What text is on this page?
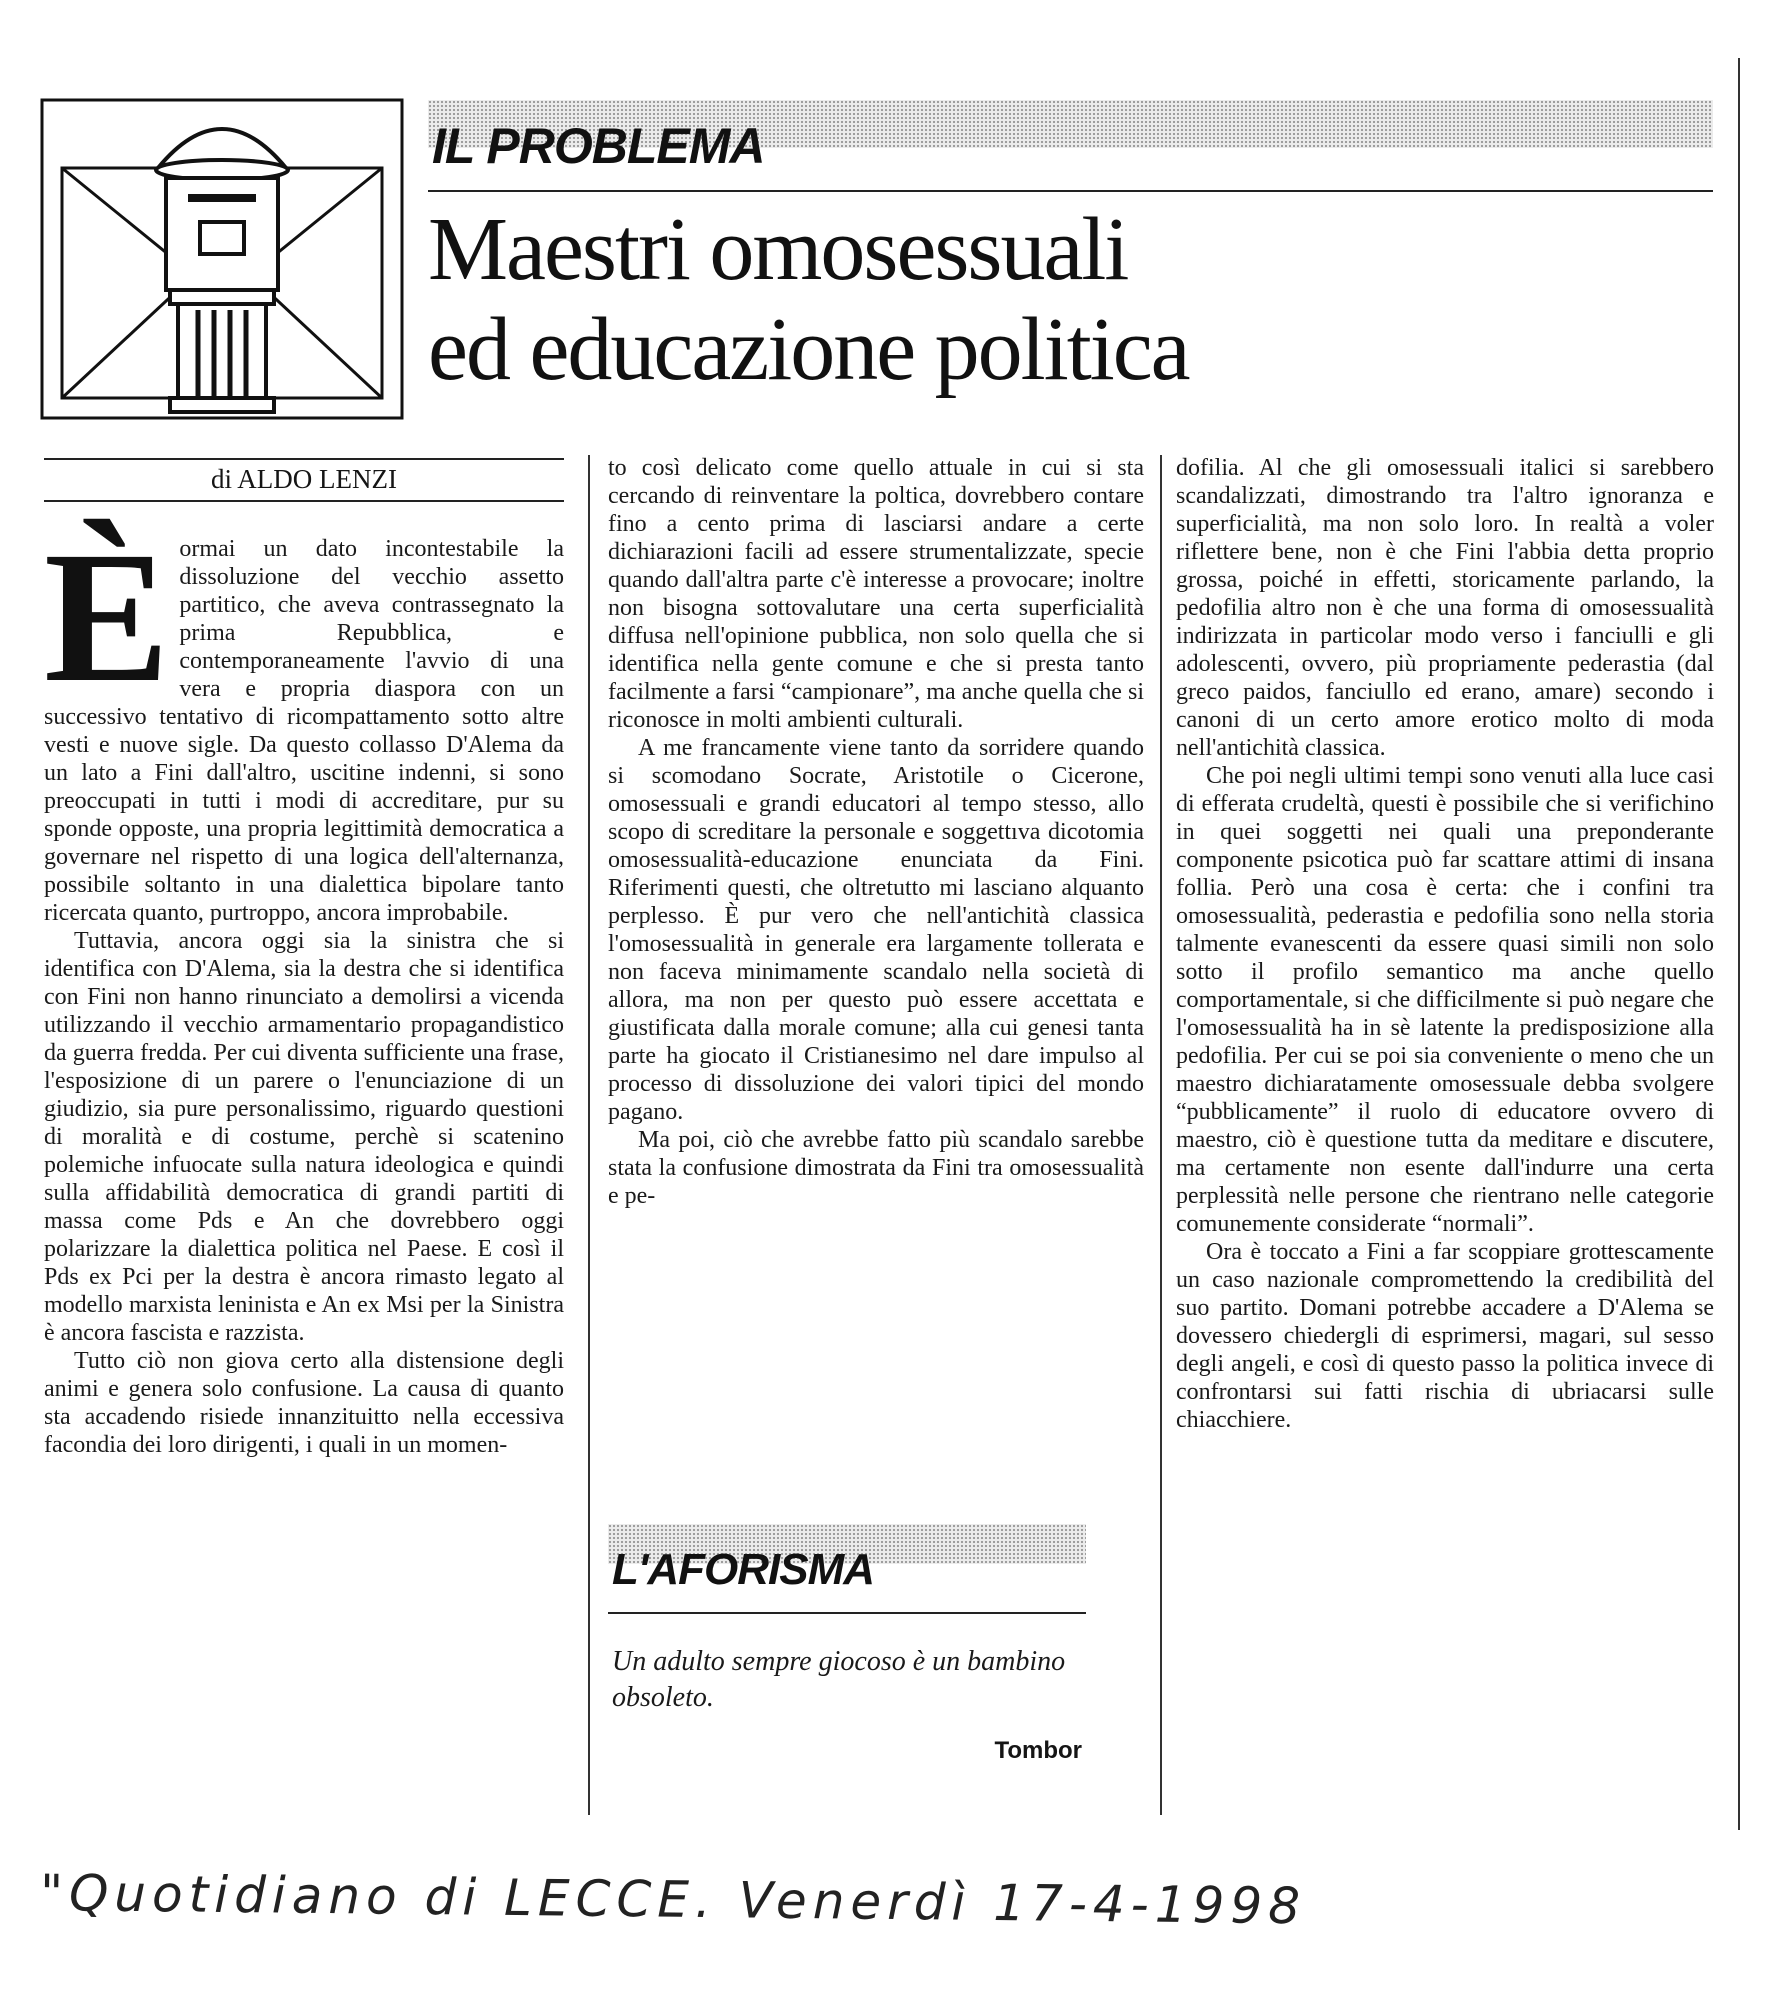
IL PROBLEMA
Maestri omosessuali
ed educazione politica
di ALDO LENZI
È ormai un dato incontestabile la dissoluzione del vecchio assetto partitico, che aveva contrassegnato la prima Repubblica, e contemporaneamente l'avvio di una vera e propria diaspora con un successivo tentativo di ricompattamento sotto altre vesti e nuove sigle. Da questo collasso D'Alema da un lato a Fini dall'altro, uscitine indenni, si sono preoccupati in tutti i modi di accreditare, pur su sponde opposte, una propria legittimità democratica a governare nel rispetto di una logica dell'alternanza, possibile soltanto in una dialettica bipolare tanto ricercata quanto, purtroppo, ancora improbabile.

Tuttavia, ancora oggi sia la sinistra che si identifica con D'Alema, sia la destra che si identifica con Fini non hanno rinunciato a demolirsi a vicenda utilizzando il vecchio armamentario propagandistico da guerra fredda. Per cui diventa sufficiente una frase, l'esposizione di un parere o l'enunciazione di un giudizio, sia pure personalissimo, riguardo questioni di moralità e di costume, perchè si scatenino polemiche infuocate sulla natura ideologica e quindi sulla affidabilità democratica di grandi partiti di massa come Pds e An che dovrebbero oggi polarizzare la dialettica politica nel Paese. E così il Pds ex Pci per la destra è ancora rimasto legato al modello marxista leninista e An ex Msi per la Sinistra è ancora fascista e razzista.

Tutto ciò non giova certo alla distensione degli animi e genera solo confusione. La causa di quanto sta accadendo risiede innanzituitto nella eccessiva facondia dei loro dirigenti, i quali in un momen-

to così delicato come quello attuale in cui si sta cercando di reinventare la poltica, dovrebbero contare fino a cento prima di lasciarsi andare a certe dichiarazioni facili ad essere strumentalizzate, specie quando dall'altra parte c'è interesse a provocare; inoltre non bisogna sottovalutare una certa superficialità diffusa nell'opinione pubblica, non solo quella che si identifica nella gente comune e che si presta tanto facilmente a farsi “campionare”, ma anche quella che si riconosce in molti ambienti culturali.

A me francamente viene tanto da sorridere quando si scomodano Socrate, Aristotile o Cicerone, omosessuali e grandi educatori al tempo stesso, allo scopo di screditare la personale e soggettıva dicotomia omosessualità-educazione enunciata da Fini. Riferimenti questi, che oltretutto mi lasciano alquanto perplesso. È pur vero che nell'antichità classica l'omosessualità in generale era largamente tollerata e non faceva minimamente scandalo nella società di allora, ma non per questo può essere accettata e giustificata dalla morale comune; alla cui genesi tanta parte ha giocato il Cristianesimo nel dare impulso al processo di dissoluzione dei valori tipici del mondo pagano.

Ma poi, ciò che avrebbe fatto più scandalo sarebbe stata la confusione dimostrata da Fini tra omosessualità e pe-

dofilia. Al che gli omosessuali italici si sarebbero scandalizzati, dimostrando tra l'altro ignoranza e superficialità, ma non solo loro. In realtà a voler riflettere bene, non è che Fini l'abbia detta proprio grossa, poiché in effetti, storicamente parlando, la pedofilia altro non è che una forma di omosessualità indirizzata in particolar modo verso i fanciulli e gli adolescenti, ovvero, più propriamente pederastia (dal greco paidos, fanciullo ed erano, amare) secondo i canoni di un certo amore erotico molto di moda nell'antichità classica.

Che poi negli ultimi tempi sono venuti alla luce casi di efferata crudeltà, questi è possibile che si verifichino in quei soggetti nei quali una preponderante componente psicotica può far scattare attimi di insana follia. Però una cosa è certa: che i confini tra omosessualità, pederastia e pedofilia sono nella storia talmente evanescenti da essere quasi simili non solo sotto il profilo semantico ma anche quello comportamentale, si che difficilmente si può negare che l'omosessualità ha in sè latente la predisposizione alla pedofilia. Per cui se poi sia conveniente o meno che un maestro dichiaratamente omosessuale debba svolgere “pubblicamente” il ruolo di educatore ovvero di maestro, ciò è questione tutta da meditare e discutere, ma certamente non esente dall'indurre una certa perplessità nelle persone che rientrano nelle categorie comunemente considerate “normali”.

Ora è toccato a Fini a far scoppiare grottescamente un caso nazionale compromettendo la credibilità del suo partito. Domani potrebbe accadere a D'Alema se dovessero chiedergli di esprimersi, magari, sul sesso degli angeli, e così di questo passo la politica invece di confrontarsi sui fatti rischia di ubriacarsi sulle chiacchiere.

L'AFORISMA
Un adulto sempre giocoso è un bambino obsoleto.
Tombor
"Quotidiano di LECCE. Venerdì 17-4-1998
